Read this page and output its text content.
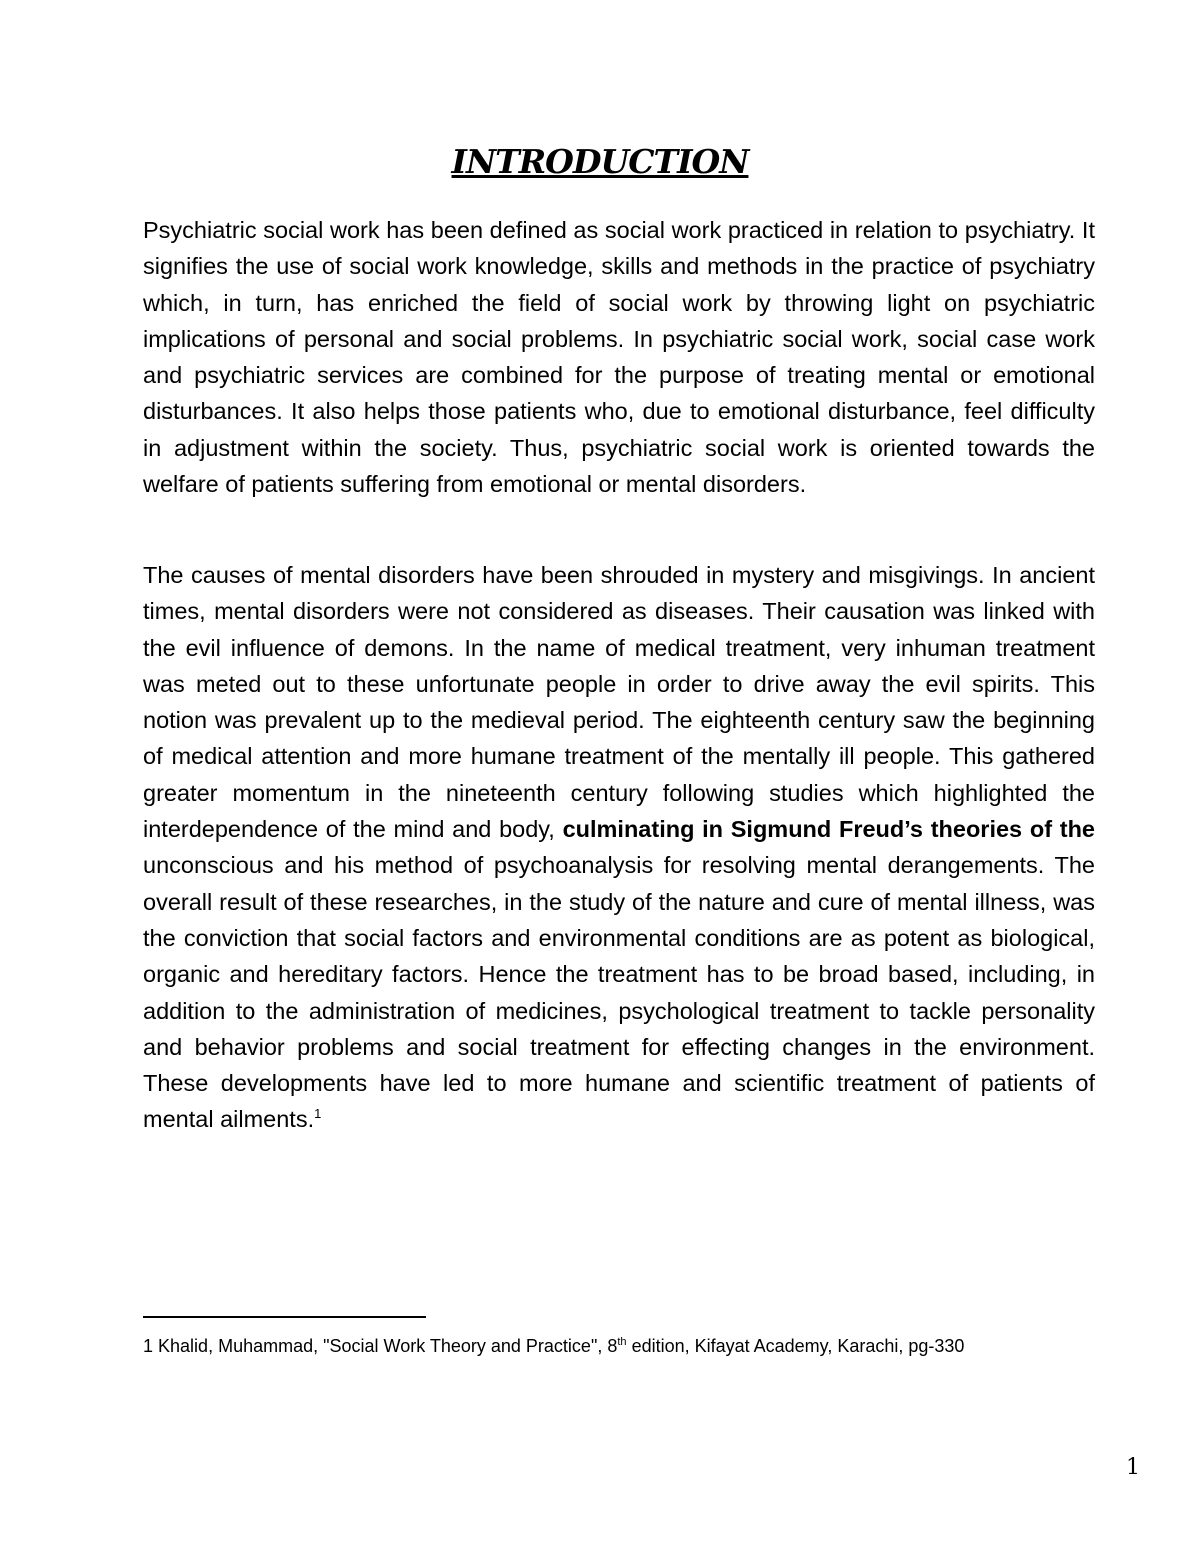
INTRODUCTION

Psychiatric social work has been defined as social work practiced in relation to psychiatry. It signifies the use of social work knowledge, skills and methods in the practice of psychiatry which, in turn, has enriched the field of social work by throwing light on psychiatric implications of personal and social problems. In psychiatric social work, social case work and psychiatric services are combined for the purpose of treating mental or emotional disturbances. It also helps those patients who, due to emotional disturbance, feel difficulty in adjustment within the society. Thus, psychiatric social work is oriented towards the welfare of patients suffering from emotional or mental disorders.

The causes of mental disorders have been shrouded in mystery and misgivings. In ancient times, mental disorders were not considered as diseases. Their causation was linked with the evil influence of demons. In the name of medical treatment, very inhuman treatment was meted out to these unfortunate people in order to drive away the evil spirits. This notion was prevalent up to the medieval period. The eighteenth century saw the beginning of medical attention and more humane treatment of the mentally ill people. This gathered greater momentum in the nineteenth century following studies which highlighted the interdependence of the mind and body, culminating in Sigmund Freud’s theories of the unconscious and his method of psychoanalysis for resolving mental derangements. The overall result of these researches, in the study of the nature and cure of mental illness, was the conviction that social factors and environmental conditions are as potent as biological, organic and hereditary factors. Hence the treatment has to be broad based, including, in addition to the administration of medicines, psychological treatment to tackle personality and behavior problems and social treatment for effecting changes in the environment. These developments have led to more humane and scientific treatment of patients of mental ailments.$^1$

1 Khalid, Muhammad, "Social Work Theory and Practice", 8th edition, Kifayat Academy, Karachi, pg-330

1
